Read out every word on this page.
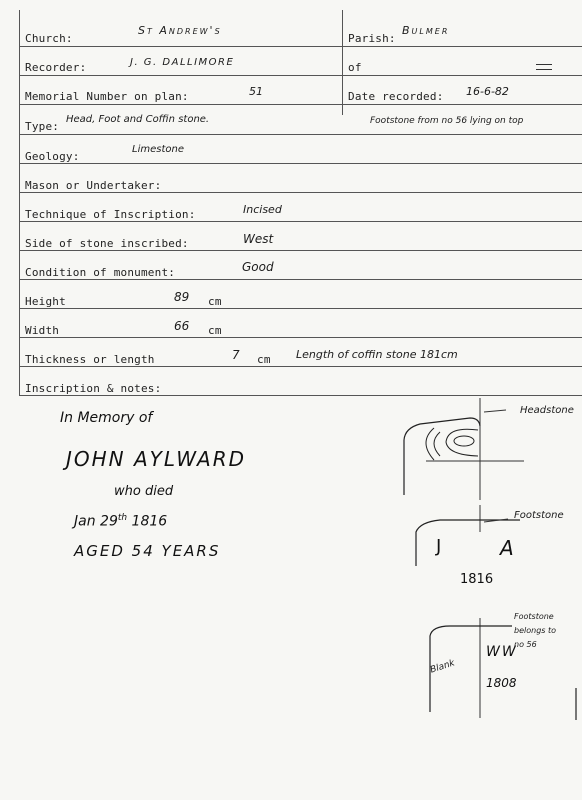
Church:
St Andrew's
Parish:
Bulmer
Recorder:	J. G. DALLIMORE	of
Memorial Number on plan:	51	Date recorded: 16-6-82
Type:
Head, Foot and Coffin stone.	Footstone from no 56 lying on top
Geology:
Limestone
Mason or Undertaker:
Technique of Inscription:	Incised
Side of stone inscribed:	West
Condition of monument:	Good
Height	89 cm
Width	66 cm
Thickness or length	7 cm Length of coffin stone 181cm
Inscription & notes:
In Memory of
JOHN AYLWARD
who died
Jan 29th 1816
AGED 54 YEARS
Headstone
Footstone
J	A
1816
Footstone belongs to no 56
Blank
WW
1808
